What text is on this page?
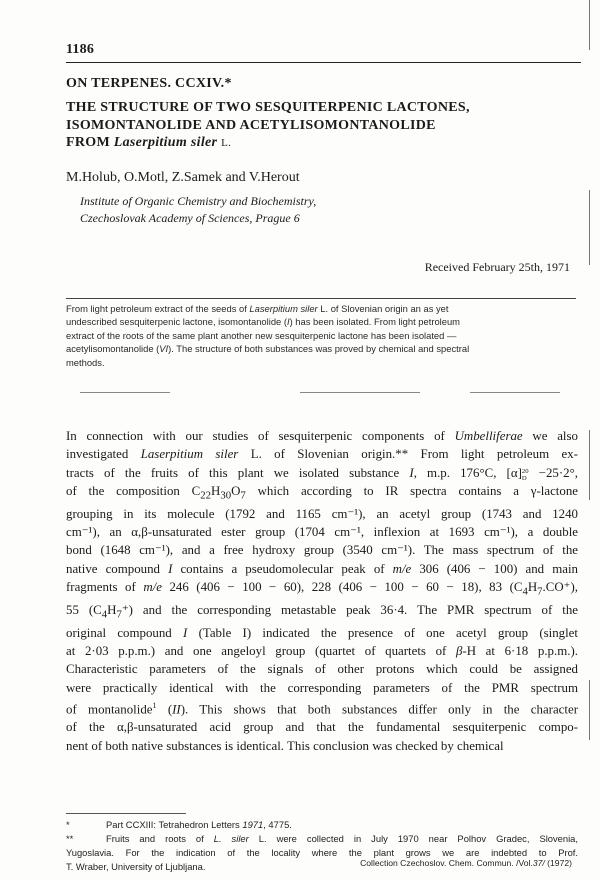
1186
ON TERPENES. CCXIV.*
THE STRUCTURE OF TWO SESQUITERPENIC LACTONES,
ISOMONTANOLIDE AND ACETYLISOMONTANOLIDE
FROM Laserpitium siler L.
M.Holub, O.Motl, Z.Samek and V.Herout
Institute of Organic Chemistry and Biochemistry,
Czechoslovak Academy of Sciences, Prague 6
Received February 25th, 1971
From light petroleum extract of the seeds of Laserpitium siler L. of Slovenian origin an as yet
undescribed sesquiterpenic lactone, isomontanolide (I) has been isolated. From light petroleum
extract of the roots of the same plant another new sesquiterpenic lactone has been isolated —
acetylisomontanolide (VI). The structure of both substances was proved by chemical and spectral
methods.
In connection with our studies of sesquiterpenic components of Umbelliferae we also
investigated Laserpitium siler L. of Slovenian origin.** From light petroleum ex-
tracts of the fruits of this plant we isolated substance I, m.p. 176°C, [α] 20
D −25·2°,
of the composition $C_{22}H_{30}O_7$ which according to IR spectra contains a γ-lactone
grouping in its molecule (1792 and 1165 cm⁻¹), an acetyl group (1743 and 1240
cm⁻¹), an α,β-unsaturated ester group (1704 cm⁻¹, inflexion at 1693 cm⁻¹), a double
bond (1648 cm⁻¹), and a free hydroxy group (3540 cm⁻¹). The mass spectrum of the
native compound I contains a pseudomolecular peak of m/e 306 (406 − 100) and main
fragments of m/e 246 (406 − 100 − 60), 228 (406 − 100 − 60 − 18), 83 $(C_4H_7.CO^+)$,
55 $(C_4H_7^+)$ and the corresponding metastable peak 36·4. The PMR spectrum of the
original compound I (Table I) indicated the presence of one acetyl group (singlet
at 2·03 p.p.m.) and one angeloyl group (quartet of quartets of β-H at 6·18 p.p.m.).
Characteristic parameters of the signals of other protons which could be assigned
were practically identical with the corresponding parameters of the PMR spectrum
of montanolide$^1$ (II). This shows that both substances differ only in the character
of the α,β-unsaturated acid group and that the fundamental sesquiterpenic compo-
nent of both native substances is identical. This conclusion was checked by chemical
*	Part CCXIII: Tetrahedron Letters 1971, 4775.
**	Fruits and roots of L. siler L. were collected in July 1970 near Polhov Gradec, Slovenia,
Yugoslavia. For the indication of the locality where the plant grows we are indebted to Prof.
T. Wraber, University of Ljubljana.	Collection Czechoslov. Chem. Commun. /Vol.37/ (1972)
